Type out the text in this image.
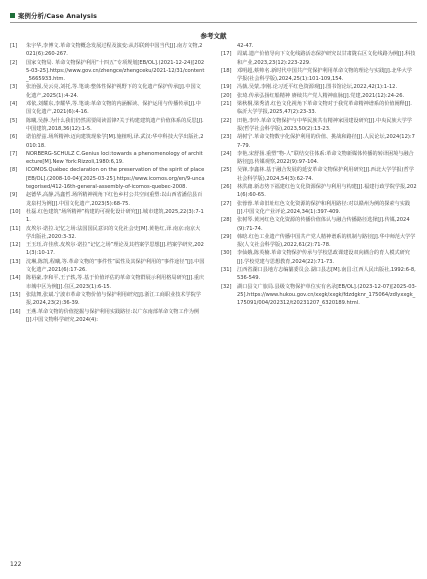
案例分析/Case Analysis
参考文献
[1] 朱宇华,李博文.革命文物概念发展过程及演变:从苏联到中国当代[J].南方文物,2021(6):260-267.
[2] 国家文物局. 革命文物保护利用“十四五”专项规划[EB/OL].(2021-12-24)[2025-03-25].https://www.gov.cn/zhengce/zhengceku/2021-12/31/content_5665933.htm.
[3] 张治强,吴云亮,刘托,等.笔谈:整体性保护视野下的文化遗产保护传承[J].中国文化遗产,2025(1):4-24.
[4] 邓依,刘耀东,李耀华,等.笔谈:革命文物的内涵解读、保护运用与传播传承[J].中国文化遗产,2021(6):4-16.
[5] 陈曦,吴静.为什么我们仍然需要阅读雷锋?关于构建建筑遗产价值体系的反思[J].中国建筑,2018,36(12):1-5.
[6] 诺伯舒兹.场所精神:迈向建筑现象学[M].施植明,译.武汉:华中科技大学出版社,2010:18.
[7] NORBERG-SCHULZ C.Genius loci:towards a phenomenology of architecture[M].New York:Rizzoli,1980:6,19.
[8] ICOMOS.Québec declaration on the preservation of the spirit of place[EB/OL].(2008-10-04)[2025-03-25].https://www.icomos.org/en/9-uncategorised/412-16th-general-assembly-of-icomos-quebec-2008.
[9] 赵德华,高静,冯鑫哲.场所精神视角下红色乡村公共空间重塑:以山西省潘信县百龙泉村为例[J].中国文化遗产,2023(5):68-75.
[10] 杜磊.红色建筑“场所精神”构建的可视化设计研究[J].城市建筑,2025,22(3):7-11.
[11] 皮埃尔·诺拉.记忆之场:法国国民意识的文化社会史[M].黄艳红,译.南京:南京大学出版社,2020:3-32.
[12] 王玉珏,许佳欣.皮埃尔·诺拉“记忆之场”理论及其档案学思想[J].档案学研究,2021(3):10-17.
[13] 沈琳,陈凯,程曦,等.革命文物的“事件性”属性及其保护利用的“事件途径”[J].中国文化遗产,2021(6):17-26.
[14] 陈裕豪,李和平,王子轶,等.基于价值评估的革命文物群展示利用格局研究[J].重庆市城中区为例[J].住区,2023(1):6-15.
[15] 张陆舞,张斌.宁波市革命文物价值与保护利用研究[J].浙江工商职业技术学院学报,2024,23(2):36-39.
[16] 王燕.革命文物的价值挖掘与保护利用实践路径:以广东南部革命文物工作为例[J].中国文物科学研究,2024(4):
42-47.
[17] 周斌.遗产价值导向下文化线路活态保护研究以甘肃陇右区文化线路为例[J].科技和产业,2023,23(12):223-229.
[18] 邓明超,蔡帅名.新时代中国共产党保护利用革命文物的理论与实践[J].北华大学学报(社会科学版),2024,25(1):101-109,154.
[19] 冯薇,吴蒙,李刚.论习近平红色资源观[J].图书馆论坛,2022,42(1):1-12.
[20] 张琦.传承弘扬红船精神 赓续共产党人精神血脉[J].党建,2021(12):24-26.
[21] 梁秋桐,梁秀清.红色文化视角下革命文物对于我党革命精神谱系的价值阐释[J].临沂大学学报,2025,47(2):23-33.
[22] 田艳,李玲.革命文物保护与中华民族共有精神家园建设研究[J].中央民族大学学报(哲学社会科学版),2023,50(2):13-23.
[23] 胡树宁.革命文物数字化保护利用的价值、挑战和路径[J].人民论坛,2024(12):77-79.
[24] 李艳,宋舒扬.重塑“物-人”联结交往体系:革命文物新媒体传播的转译困境与融合路径[J].传媒观察,2022(9):97-104.
[25] 吴锋,李鑫林.基于融合发展的延安革命文物保护利用研究[J].西北大学学报(哲学社会科学版),2024,54(3):62-74.
[26] 林洪庸.新态势下福建红色文化资源保护与利用与构建[J].福建行政学院学报,2021(6):60-65.
[27] 张蓉蓉.革命旧址红色文化资源的保护和利用路径:对以赣州为例的探索与实践[J].中国文化产业评论,2024,34(1):397-409.
[28] 张树琴.黄河红色文化资源的传播价值体认与融合传播路径选择[J].传媒,2024(9):71-74.
[29] 韩晗.红色工业遗产传播中国共产党人精神谱系的机制与路径[J].华中师范大学学报(人文社会科学版),2022,61(2):71-78.
[30] 李仙娥,陈英楠.革命文物保护传承与学校思政课建设双向耦合的育人模式研究[J].学校党建与思想教育,2024(22):71-73.
[31] 江西省湖口县地方志编纂委员会.湖口县志[M].南昌:江西人民出版社,1992:6-8,536-549.
[32] 湖口县文广旅局.县级文物保护单位实有名录[EB/OL].(2023-12-07)[2025-03-25].https://www.hukou.gov.cn/xxgk/xxgk/fdzdgknr_175064/zdlyxxgk_175091/004/202312/t20231207_6320189.html.
122
